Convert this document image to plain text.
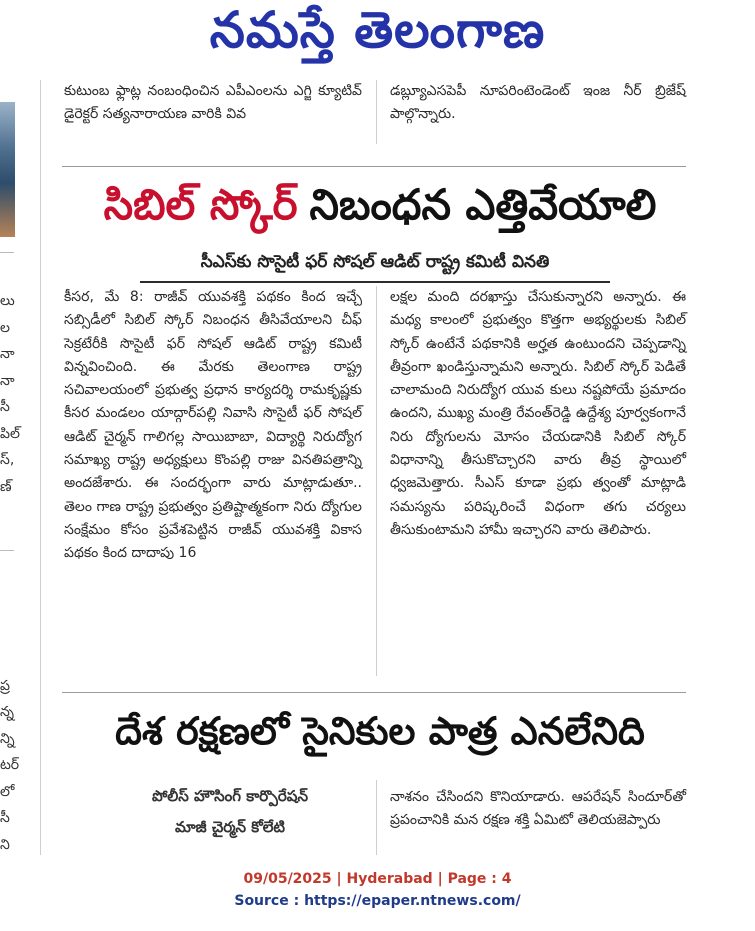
నమస్తే తెలంగాణ
లు
ల
నా
నా
సీ
పిల్
స్,
ణ్
ప్ర
న్న
న్ని
టర్
లో
సీ
ని

కుటుంబ ఫ్లాట్ల నంబంధించిన ఎపీఎంలను ఎగ్జి క్యూటివ్ డైరెక్టర్ సత్యనారాయణ వారికి వివ

డబ్ల్యూఎసపెపీ నూపరింటెండెంట్ ఇంజ నీర్ బ్రిజేష్ పాల్గొన్నారు.

సిబిల్ స్కోర్ నిబంధన ఎత్తివేయాలి
సీఎస్‌కు సొసైటీ ఫర్ సోషల్ ఆడిట్ రాష్ట్ర కమిటీ వినతి

కీసర, మే 8: రాజీవ్ యువశక్తి పథకం కింద ఇచ్చే సబ్సిడీలో సిబిల్ స్కోర్ నిబంధన తీసివేయాలని చీఫ్ సెక్రటేరీకి సొసైటీ ఫర్ సోషల్ ఆడిట్ రాష్ట్ర కమిటీ విన్నవించింది. ఈ మేరకు తెలంగాణ రాష్ట్ర సచివాలయంలో ప్రభుత్వ ప్రధాన కార్యదర్శి రామకృష్ణకు కీసర మండలం యాద్గార్‌పల్లి నివాసి సొసైటీ ఫర్ సోషల్ ఆడిట్ చైర్మన్ గాలిగల్ల సాయిబాబా, విద్యార్థి నిరుద్యోగ సమాఖ్య రాష్ట్ర అధ్యక్షులు కొంపల్లి రాజు వినతిపత్రాన్ని అందజేశారు. ఈ సందర్భంగా వారు మాట్లాడుతూ.. తెలం గాణ రాష్ట్ర ప్రభుత్వం ప్రతిష్టాత్మకంగా నిరు ద్యోగుల సంక్షేమం కోసం ప్రవేశపెట్టిన రాజీవ్ యువశక్తి వికాస పథకం కింద దాదాపు 16

లక్షల మంది దరఖాస్తు చేసుకున్నారని అన్నారు. ఈ మధ్య కాలంలో ప్రభుత్వం కొత్తగా అభ్యర్థులకు సిబిల్ స్కోర్ ఉంటేనే పథకానికి అర్హత ఉంటుందని చెప్పడాన్ని తీవ్రంగా ఖండిస్తున్నామని అన్నారు. సిబిల్ స్కోర్ పెడితే చాలామంది నిరుద్యోగ యువ కులు నష్టపోయే ప్రమాదం ఉందని, ముఖ్య మంత్రి రేవంత్‌రెడ్డి ఉద్దేశ్య పూర్వకంగానే నిరు ద్యోగులను మోసం చేయడానికి సిబిల్ స్కోర్ విధానాన్ని తీసుకొచ్చారని వారు తీవ్ర స్థాయిలో ధ్వజమెత్తారు. సీఎస్ కూడా ప్రభు త్వంతో మాట్లాడి సమస్యను పరిష్కరించే విధంగా తగు చర్యలు తీసుకుంటామని హామీ ఇచ్చారని వారు తెలిపారు.

దేశ రక్షణలో సైనికుల పాత్ర ఎనలేనిది
పోలీస్ హౌసింగ్ కార్పొరేషన్
మాజీ చైర్మన్ కోలేటి

నాశనం చేసిందని కొనియాడారు. ఆపరేషన్ సిందూర్‌తో ప్రపంచానికి మన రక్షణ శక్తి ఏమిటో తెలియజెప్పారు

09/05/2025 | Hyderabad | Page : 4
Source : https://epaper.ntnews.com/
